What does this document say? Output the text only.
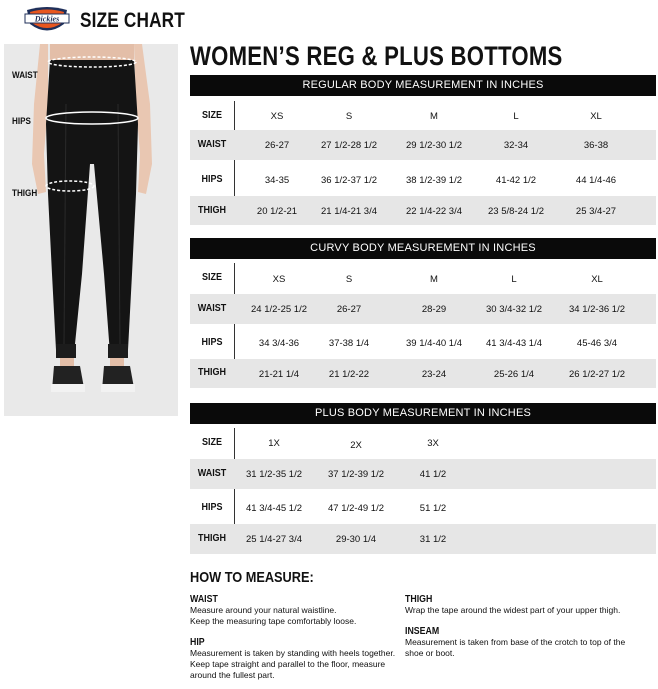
Dickies SIZE CHART
WOMEN’S REG & PLUS BOTTOMS
WAIST
HIPS
THIGH
REGULAR BODY MEASUREMENT IN INCHES
SIZE	XS	S	M	L	XL
WAIST	26-27	27 1/2-28 1/2	29 1/2-30 1/2	32-34	36-38
HIPS	34-35	36 1/2-37 1/2	38 1/2-39 1/2	41-42 1/2	44 1/4-46
THIGH	20 1/2-21	21 1/4-21 3/4	22 1/4-22 3/4	23 5/8-24 1/2	25 3/4-27
CURVY BODY MEASUREMENT IN INCHES
SIZE	XS	S	M	L	XL
WAIST	24 1/2-25 1/2	26-27	28-29	30 3/4-32 1/2	34 1/2-36 1/2
HIPS	34 3/4-36	37-38 1/4	39 1/4-40 1/4	41 3/4-43 1/4	45-46 3/4
THIGH	21-21 1/4	21 1/2-22	23-24	25-26 1/4	26 1/2-27 1/2
PLUS BODY MEASUREMENT IN INCHES
SIZE	1X	2X	3X
WAIST	31 1/2-35 1/2	37 1/2-39 1/2	41 1/2
HIPS	41 3/4-45 1/2	47 1/2-49 1/2	51 1/2
THIGH	25 1/4-27 3/4	29-30 1/4	31 1/2
HOW TO MEASURE:
WAIST
Measure around your natural waistline.
Keep the measuring tape comfortably loose.
HIP
Measurement is taken by standing with heels together.
Keep tape straight and parallel to the floor, measure
around the fullest part.
THIGH
Wrap the tape around the widest part of your upper thigh.
INSEAM
Measurement is taken from base of the crotch to top of the
shoe or boot.
